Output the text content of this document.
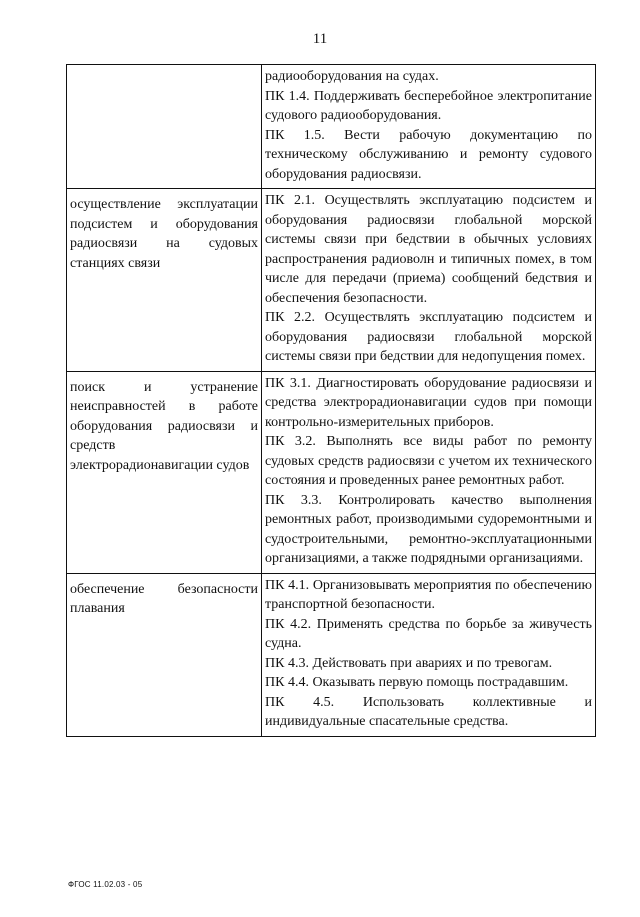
11

	радиооборудования на судах.

ПК 1.4. Поддерживать бесперебойное электропитание судового радиооборудования.

ПК 1.5. Вести рабочую документацию по техническому обслуживанию и ремонту судового оборудования радиосвязи.

осуществление эксплуатации подсистем и оборудования радиосвязи на судовых станциях связи	ПК 2.1. Осуществлять эксплуатацию подсистем и оборудования радиосвязи глобальной морской системы связи при бедствии в обычных условиях распространения радиоволн и типичных помех, в том числе для передачи (приема) сообщений бедствия и обеспечения безопасности.

ПК 2.2. Осуществлять эксплуатацию подсистем и оборудования радиосвязи глобальной морской системы связи при бедствии для недопущения помех.

поиск и устранение неисправностей в работе оборудования радиосвязи и средств электрорадионавигации судов	ПК 3.1. Диагностировать оборудование радиосвязи и средства электрорадионавигации судов при помощи контрольно-измерительных приборов.

ПК 3.2. Выполнять все виды работ по ремонту судовых средств радиосвязи с учетом их технического состояния и проведенных ранее ремонтных работ.

ПК 3.3. Контролировать качество выполнения ремонтных работ, производимыми судоремонтными и судостроительными, ремонтно-эксплуатационными организациями, а также подрядными организациями.

обеспечение безопасности плавания	ПК 4.1. Организовывать мероприятия по обеспечению транспортной безопасности.

ПК 4.2. Применять средства по борьбе за живучесть судна.

ПК 4.3. Действовать при авариях и по тревогам.

ПК 4.4. Оказывать первую помощь пострадавшим.

ПК 4.5. Использовать коллективные и индивидуальные спасательные средства.

ФГОС 11.02.03 - 05
